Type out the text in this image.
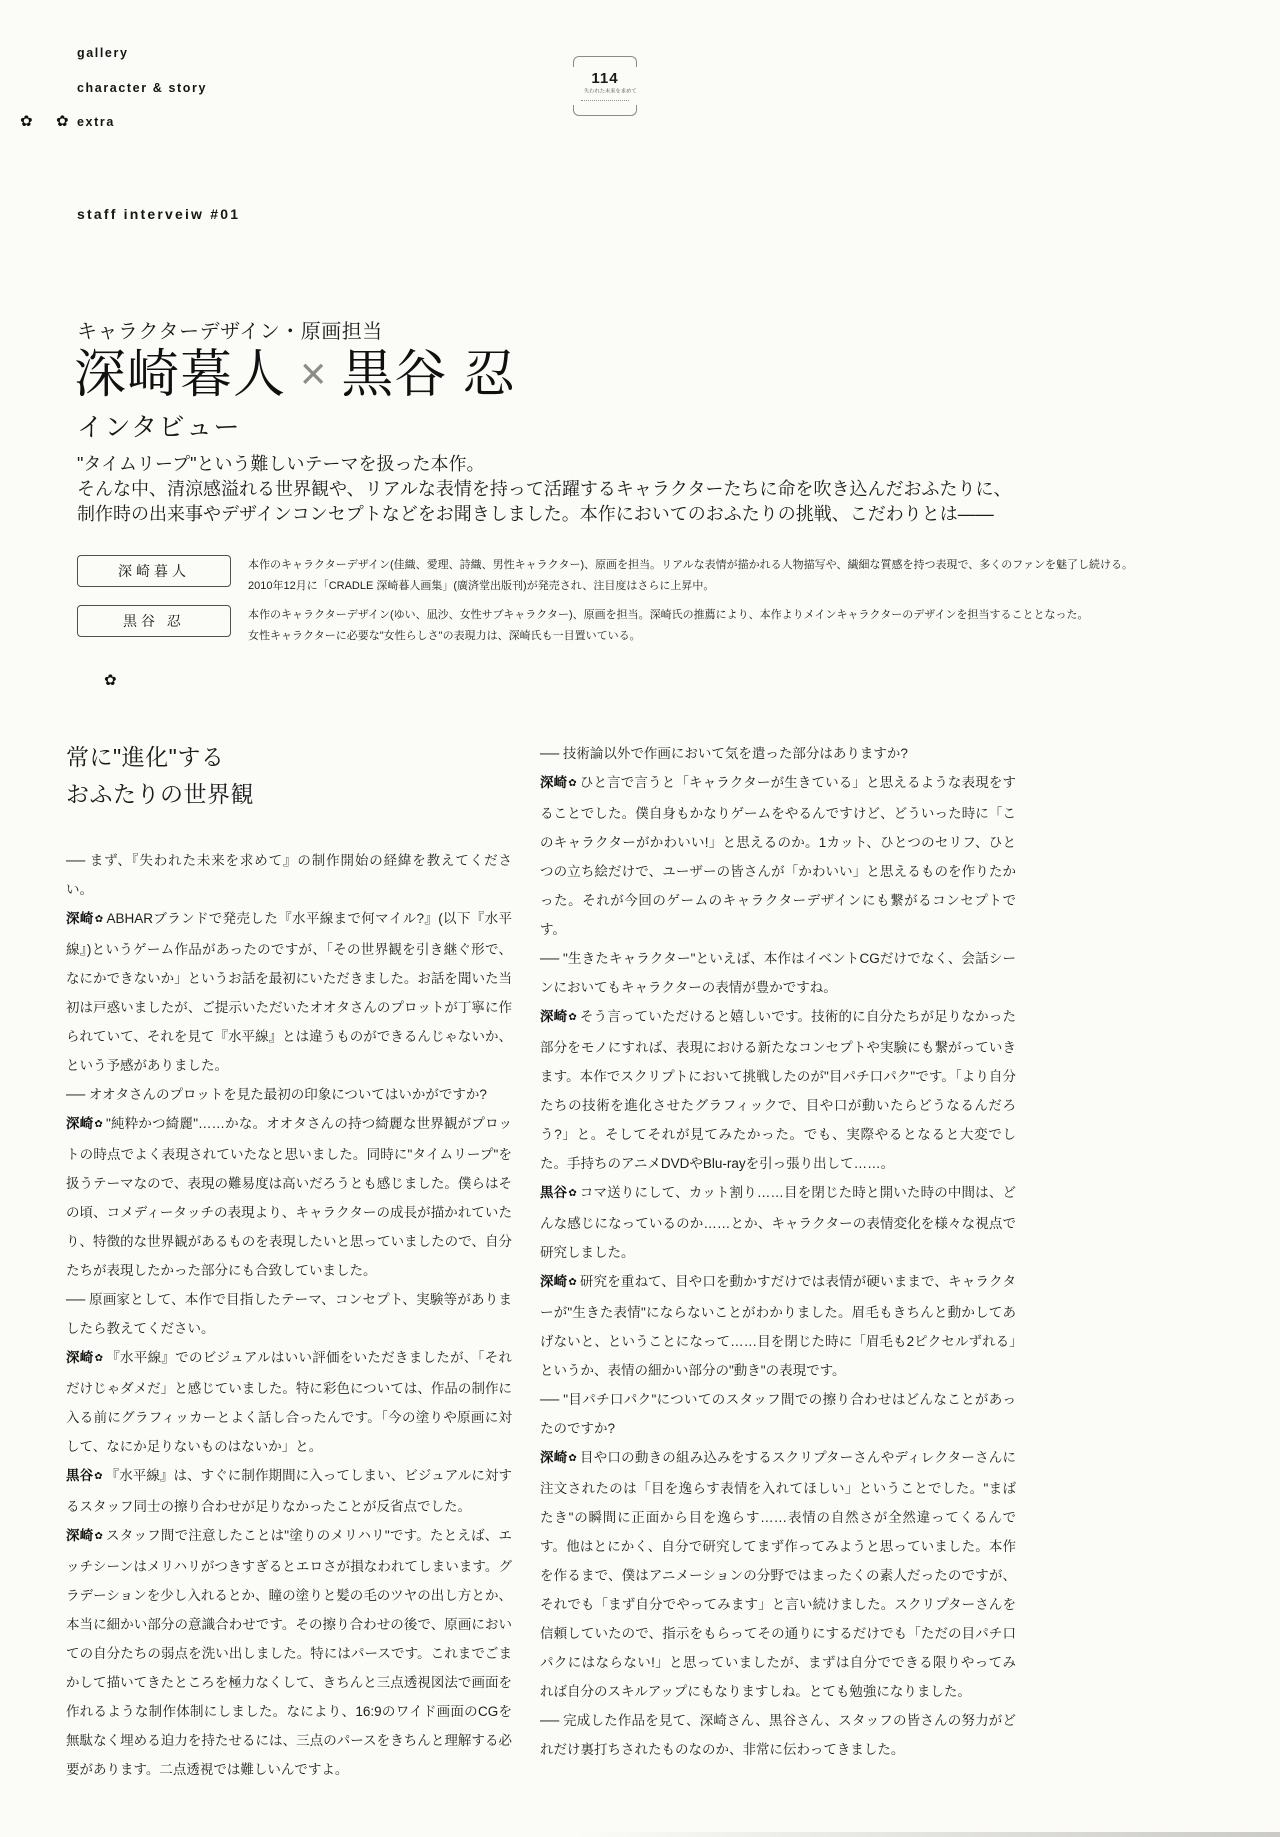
gallery
character & story
extra
✿ ✿
114
失われた未来を求めて
staff interveiw #01
キャラクターデザイン・原画担当
深崎暮人 × 黒谷 忍
インタビュー
"タイムリープ"という難しいテーマを扱った本作。
そんな中、清涼感溢れる世界観や、リアルな表情を持って活躍するキャラクターたちに命を吹き込んだおふたりに、
制作時の出来事やデザインコンセプトなどをお聞きしました。本作においてのおふたりの挑戦、こだわりとは――
深崎暮人	本作のキャラクターデザイン(佳織、愛理、詩織、男性キャラクター)、原画を担当。リアルな表情が描かれる人物描写や、繊細な質感を持つ表現で、多くのファンを魅了し続ける。
2010年12月に「CRADLE 深崎暮人画集」(廣済堂出版刊)が発売され、注目度はさらに上昇中。
黒谷 忍	本作のキャラクターデザイン(ゆい、凪沙、女性サブキャラクター)、原画を担当。深崎氏の推薦により、本作よりメインキャラクターのデザインを担当することとなった。
女性キャラクターに必要な"女性らしさ"の表現力は、深崎氏も一目置いている。
✿
常に"進化"する
おふたりの世界観

── まず、『失われた未来を求めて』の制作開始の経緯を教えてください。

深崎✿ ABHARブランドで発売した『水平線まで何マイル?』(以下『水平線』)というゲーム作品があったのですが、「その世界観を引き継ぐ形で、なにかできないか」というお話を最初にいただきました。お話を聞いた当初は戸惑いましたが、ご提示いただいたオオタさんのプロットが丁寧に作られていて、それを見て『水平線』とは違うものができるんじゃないか、という予感がありました。

── オオタさんのプロットを見た最初の印象についてはいかがですか?

深崎✿ "純粋かつ綺麗"……かな。オオタさんの持つ綺麗な世界観がプロットの時点でよく表現されていたなと思いました。同時に"タイムリープ"を扱うテーマなので、表現の難易度は高いだろうとも感じました。僕らはその頃、コメディータッチの表現より、キャラクターの成長が描かれていたり、特徴的な世界観があるものを表現したいと思っていましたので、自分たちが表現したかった部分にも合致していました。

── 原画家として、本作で目指したテーマ、コンセプト、実験等がありましたら教えてください。

深崎✿ 『水平線』でのビジュアルはいい評価をいただきましたが、「それだけじゃダメだ」と感じていました。特に彩色については、作品の制作に入る前にグラフィッカーとよく話し合ったんです。「今の塗りや原画に対して、なにか足りないものはないか」と。

黒谷✿ 『水平線』は、すぐに制作期間に入ってしまい、ビジュアルに対するスタッフ同士の擦り合わせが足りなかったことが反省点でした。

深崎✿ スタッフ間で注意したことは"塗りのメリハリ"です。たとえば、エッチシーンはメリハリがつきすぎるとエロさが損なわれてしまいます。グラデーションを少し入れるとか、瞳の塗りと髪の毛のツヤの出し方とか、本当に細かい部分の意識合わせです。その擦り合わせの後で、原画においての自分たちの弱点を洗い出しました。特にはパースです。これまでごまかして描いてきたところを極力なくして、きちんと三点透視図法で画面を作れるような制作体制にしました。なにより、16:9のワイド画面のCGを無駄なく埋める迫力を持たせるには、三点のパースをきちんと理解する必要があります。二点透視では難しいんですよ。

── 技術論以外で作画において気を遣った部分はありますか?

深崎✿ ひと言で言うと「キャラクターが生きている」と思えるような表現をすることでした。僕自身もかなりゲームをやるんですけど、どういった時に「このキャラクターがかわいい!」と思えるのか。1カット、ひとつのセリフ、ひとつの立ち絵だけで、ユーザーの皆さんが「かわいい」と思えるものを作りたかった。それが今回のゲームのキャラクターデザインにも繋がるコンセプトです。

── "生きたキャラクター"といえば、本作はイベントCGだけでなく、会話シーンにおいてもキャラクターの表情が豊かですね。

深崎✿ そう言っていただけると嬉しいです。技術的に自分たちが足りなかった部分をモノにすれば、表現における新たなコンセプトや実験にも繋がっていきます。本作でスクリプトにおいて挑戦したのが"目パチ口パク"です。「より自分たちの技術を進化させたグラフィックで、目や口が動いたらどうなるんだろう?」と。そしてそれが見てみたかった。でも、実際やるとなると大変でした。手持ちのアニメDVDやBlu-rayを引っ張り出して……。

黒谷✿ コマ送りにして、カット割り……目を閉じた時と開いた時の中間は、どんな感じになっているのか……とか、キャラクターの表情変化を様々な視点で研究しました。

深崎✿ 研究を重ねて、目や口を動かすだけでは表情が硬いままで、キャラクターが"生きた表情"にならないことがわかりました。眉毛もきちんと動かしてあげないと、ということになって……目を閉じた時に「眉毛も2ピクセルずれる」というか、表情の細かい部分の"動き"の表現です。

── "目パチ口パク"についてのスタッフ間での擦り合わせはどんなことがあったのですか?

深崎✿ 目や口の動きの組み込みをするスクリプターさんやディレクターさんに注文されたのは「目を逸らす表情を入れてほしい」ということでした。"まばたき"の瞬間に正面から目を逸らす……表情の自然さが全然違ってくるんです。他はとにかく、自分で研究してまず作ってみようと思っていました。本作を作るまで、僕はアニメーションの分野ではまったくの素人だったのですが、それでも「まず自分でやってみます」と言い続けました。スクリプターさんを信頼していたので、指示をもらってその通りにするだけでも「ただの目パチ口パクにはならない!」と思っていましたが、まずは自分でできる限りやってみれば自分のスキルアップにもなりますしね。とても勉強になりました。

── 完成した作品を見て、深崎さん、黒谷さん、スタッフの皆さんの努力がどれだけ裏打ちされたものなのか、非常に伝わってきました。
